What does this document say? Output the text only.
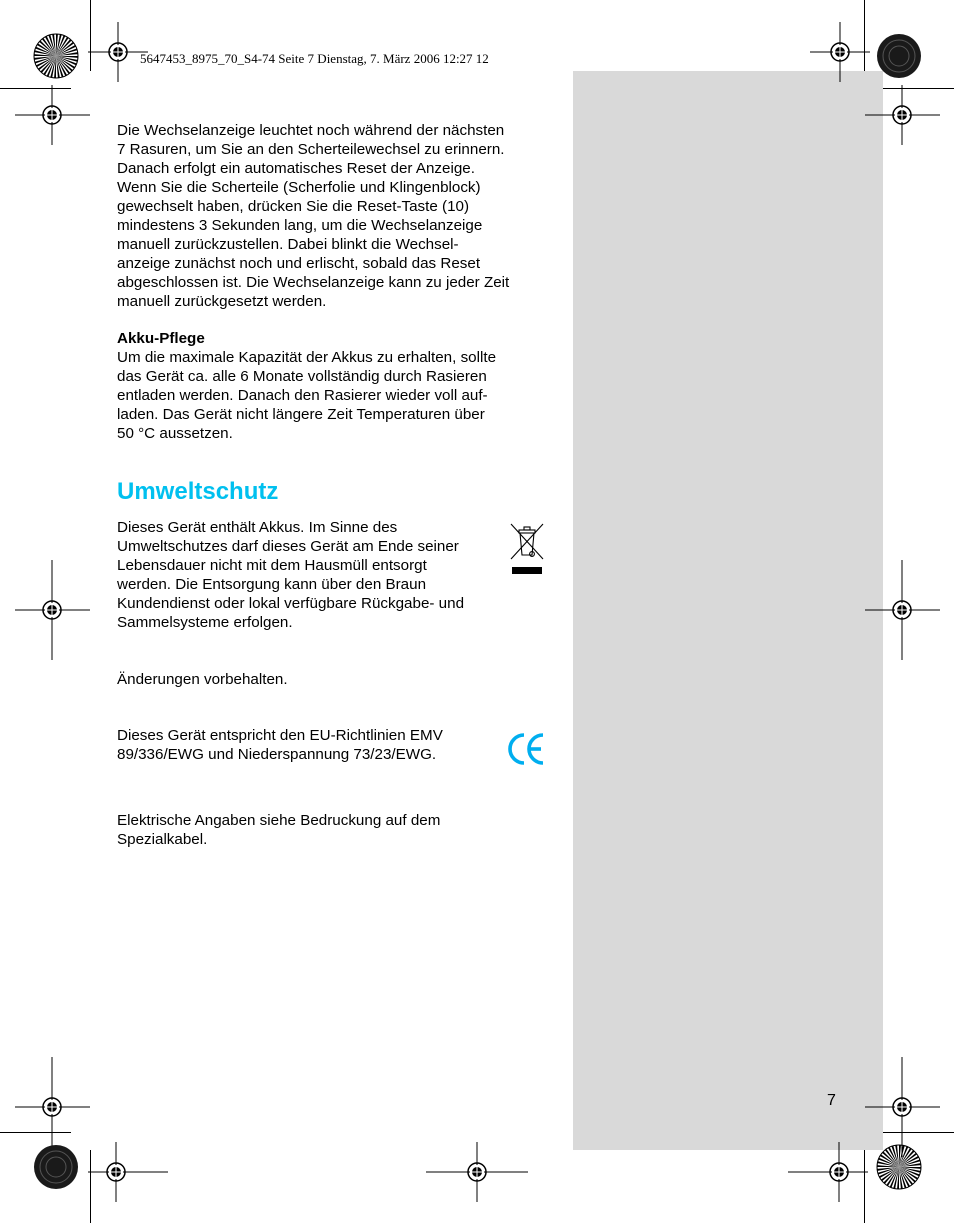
5647453_8975_70_S4-74 Seite 7 Dienstag, 7. März 2006 12:27 12
Die Wechselanzeige leuchtet noch während der nächsten
7 Rasuren, um Sie an den Scherteilewechsel zu erinnern.
Danach erfolgt ein automatisches Reset der Anzeige.
Wenn Sie die Scherteile (Scherfolie und Klingenblock)
gewechselt haben, drücken Sie die Reset-Taste (10)
mindestens 3 Sekunden lang, um die Wechselanzeige
manuell zurückzustellen. Dabei blinkt die Wechsel-
anzeige zunächst noch und erlischt, sobald das Reset
abgeschlossen ist. Die Wechselanzeige kann zu jeder Zeit
manuell zurückgesetzt werden.
Akku-Pflege
Um die maximale Kapazität der Akkus zu erhalten, sollte
das Gerät ca. alle 6 Monate vollständig durch Rasieren
entladen werden. Danach den Rasierer wieder voll auf-
laden. Das Gerät nicht längere Zeit Temperaturen über
50 °C aussetzen.
Umweltschutz
Dieses Gerät enthält Akkus. Im Sinne des
Umweltschutzes darf dieses Gerät am Ende seiner
Lebensdauer nicht mit dem Hausmüll entsorgt
werden. Die Entsorgung kann über den Braun
Kundendienst oder lokal verfügbare Rückgabe- und
Sammelsysteme erfolgen.
Änderungen vorbehalten.
Dieses Gerät entspricht den EU-Richtlinien EMV
89/336/EWG und Niederspannung 73/23/EWG.
Elektrische Angaben siehe Bedruckung auf dem
Spezialkabel.
7
